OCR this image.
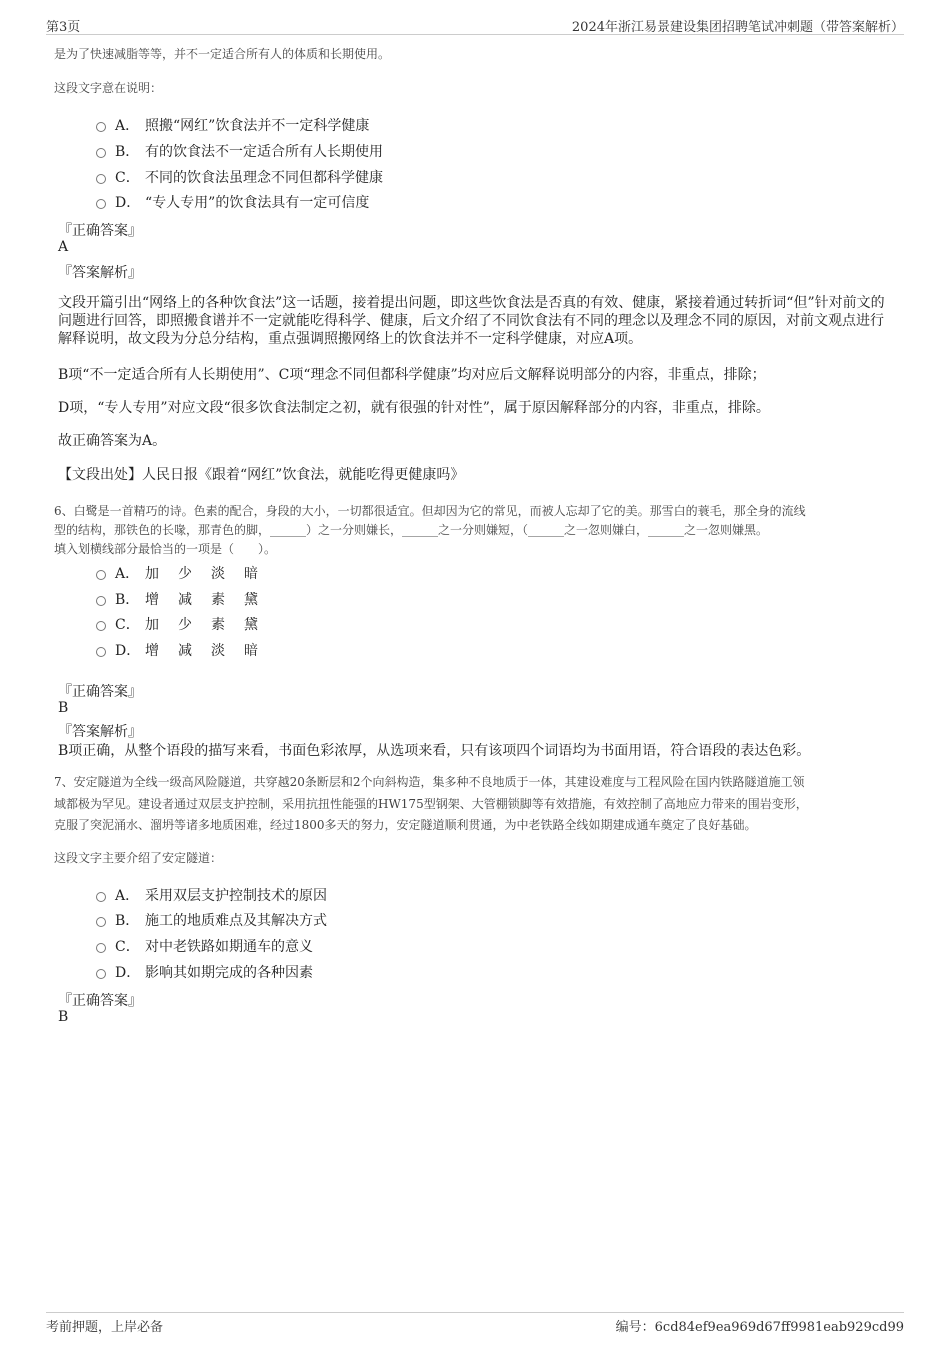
第3页	2024年浙江易景建设集团招聘笔试冲刺题（带答案解析）
是为了快速减脂等等，并不一定适合所有人的体质和长期使用。
这段文字意在说明：
A． 照搬“网红”饮食法并不一定科学健康
B． 有的饮食法不一定适合所有人长期使用
C． 不同的饮食法虽理念不同但都科学健康
D． “专人专用”的饮食法具有一定可信度
『正确答案』
A
『答案解析』
文段开篇引出“网络上的各种饮食法”这一话题，接着提出问题，即这些饮食法是否真的有效、健康，紧接着通过转折词“但”针对前文的问题进行回答，即照搬食谱并不一定就能吃得科学、健康，后文介绍了不同饮食法有不同的理念以及理念不同的原因，对前文观点进行解释说明，故文段为分总分结构，重点强调照搬网络上的饮食法并不一定科学健康，对应A项。
B项“不一定适合所有人长期使用”、C项“理念不同但都科学健康”均对应后文解释说明部分的内容，非重点，排除；
D项，“专人专用”对应文段“很多饮食法制定之初，就有很强的针对性”，属于原因解释部分的内容，非重点，排除。
故正确答案为A。
【文段出处】人民日报《跟着“网红”饮食法，就能吃得更健康吗》
6、白鹭是一首精巧的诗。色素的配合，身段的大小，一切都很适宜。但却因为它的常见，而被人忘却了它的美。那雪白的蓑毛，那全身的流线
型的结构，那铁色的长喙，那青色的脚，______）之一分则嫌长，______之一分则嫌短，（______之一忽则嫌白，______之一忽则嫌黑。
填入划横线部分最恰当的一项是（　　）。
A． 加 少 淡 暗
B． 增 减 素 黛
C． 加 少 素 黛
D． 增 减 淡 暗
『正确答案』
B
『答案解析』
B项正确，从整个语段的描写来看，书面色彩浓厚，从选项来看，只有该项四个词语均为书面用语，符合语段的表达色彩。
7、安定隧道为全线一级高风险隧道，共穿越20条断层和2个向斜构造，集多种不良地质于一体，其建设难度与工程风险在国内铁路隧道施工领
域都极为罕见。建设者通过双层支护控制，采用抗扭性能强的HW175型钢架、大管棚锁脚等有效措施，有效控制了高地应力带来的围岩变形，
克服了突泥涌水、溜坍等诸多地质困难，经过1800多天的努力，安定隧道顺利贯通，为中老铁路全线如期建成通车奠定了良好基础。
这段文字主要介绍了安定隧道：
A． 采用双层支护控制技术的原因
B． 施工的地质难点及其解决方式
C． 对中老铁路如期通车的意义
D． 影响其如期完成的各种因素
『正确答案』
B
考前押题，上岸必备	编号：6cd84ef9ea969d67ff9981eab929cd99
